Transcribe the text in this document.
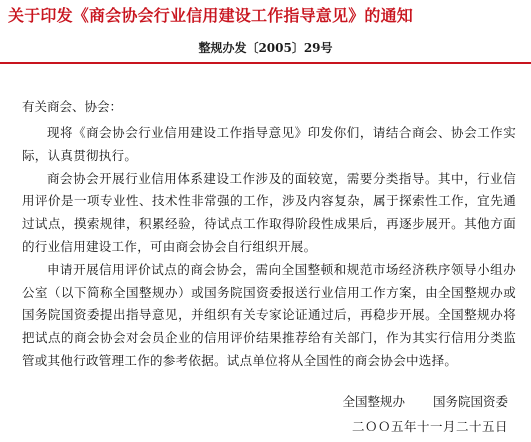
关于印发《商会协会行业信用建设工作指导意见》的通知
整规办发〔2005〕29号
有关商会、协会：

现将《商会协会行业信用建设工作指导意见》印发你们，请结合商会、协会工作实际，认真贯彻执行。

商会协会开展行业信用体系建设工作涉及的面较宽，需要分类指导。其中，行业信用评价是一项专业性、技术性非常强的工作，涉及内容复杂，属于探索性工作，宜先通过试点，摸索规律，积累经验，待试点工作取得阶段性成果后，再逐步展开。其他方面的行业信用建设工作，可由商会协会自行组织开展。

申请开展信用评价试点的商会协会，需向全国整顿和规范市场经济秩序领导小组办公室（以下简称全国整规办）或国务院国资委报送行业信用工作方案，由全国整规办或国务院国资委提出指导意见，并组织有关专家论证通过后，再稳步开展。全国整规办将把试点的商会协会对会员企业的信用评价结果推荐给有关部门，作为其实行信用分类监管或其他行政管理工作的参考依据。试点单位将从全国性的商会协会中选择。

全国整规办 国务院国资委
二ＯＯ五年十一月二十五日
